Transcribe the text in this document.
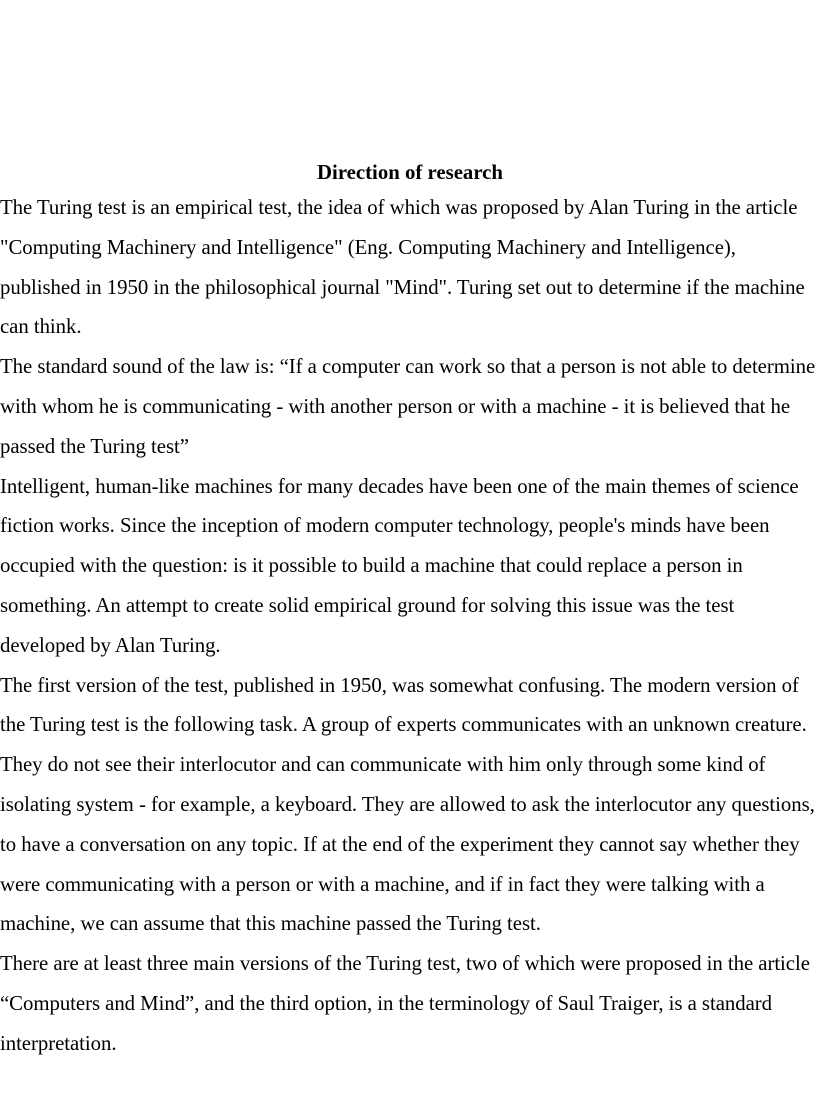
Direction of research

The Turing test is an empirical test, the idea of which was proposed by Alan Turing in the article "Computing Machinery and Intelligence" (Eng. Computing Machinery and Intelligence), published in 1950 in the philosophical journal "Mind". Turing set out to determine if the machine can think.

The standard sound of the law is: “If a computer can work so that a person is not able to determine with whom he is communicating - with another person or with a machine - it is believed that he passed the Turing test”

Intelligent, human-like machines for many decades have been one of the main themes of science fiction works. Since the inception of modern computer technology, people's minds have been occupied with the question: is it possible to build a machine that could replace a person in something. An attempt to create solid empirical ground for solving this issue was the test developed by Alan Turing.

The first version of the test, published in 1950, was somewhat confusing. The modern version of the Turing test is the following task. A group of experts communicates with an unknown creature. They do not see their interlocutor and can communicate with him only through some kind of isolating system - for example, a keyboard. They are allowed to ask the interlocutor any questions, to have a conversation on any topic. If at the end of the experiment they cannot say whether they were communicating with a person or with a machine, and if in fact they were talking with a machine, we can assume that this machine passed the Turing test.

There are at least three main versions of the Turing test, two of which were proposed in the article “Computers and Mind”, and the third option, in the terminology of Saul Traiger, is a standard interpretation.
